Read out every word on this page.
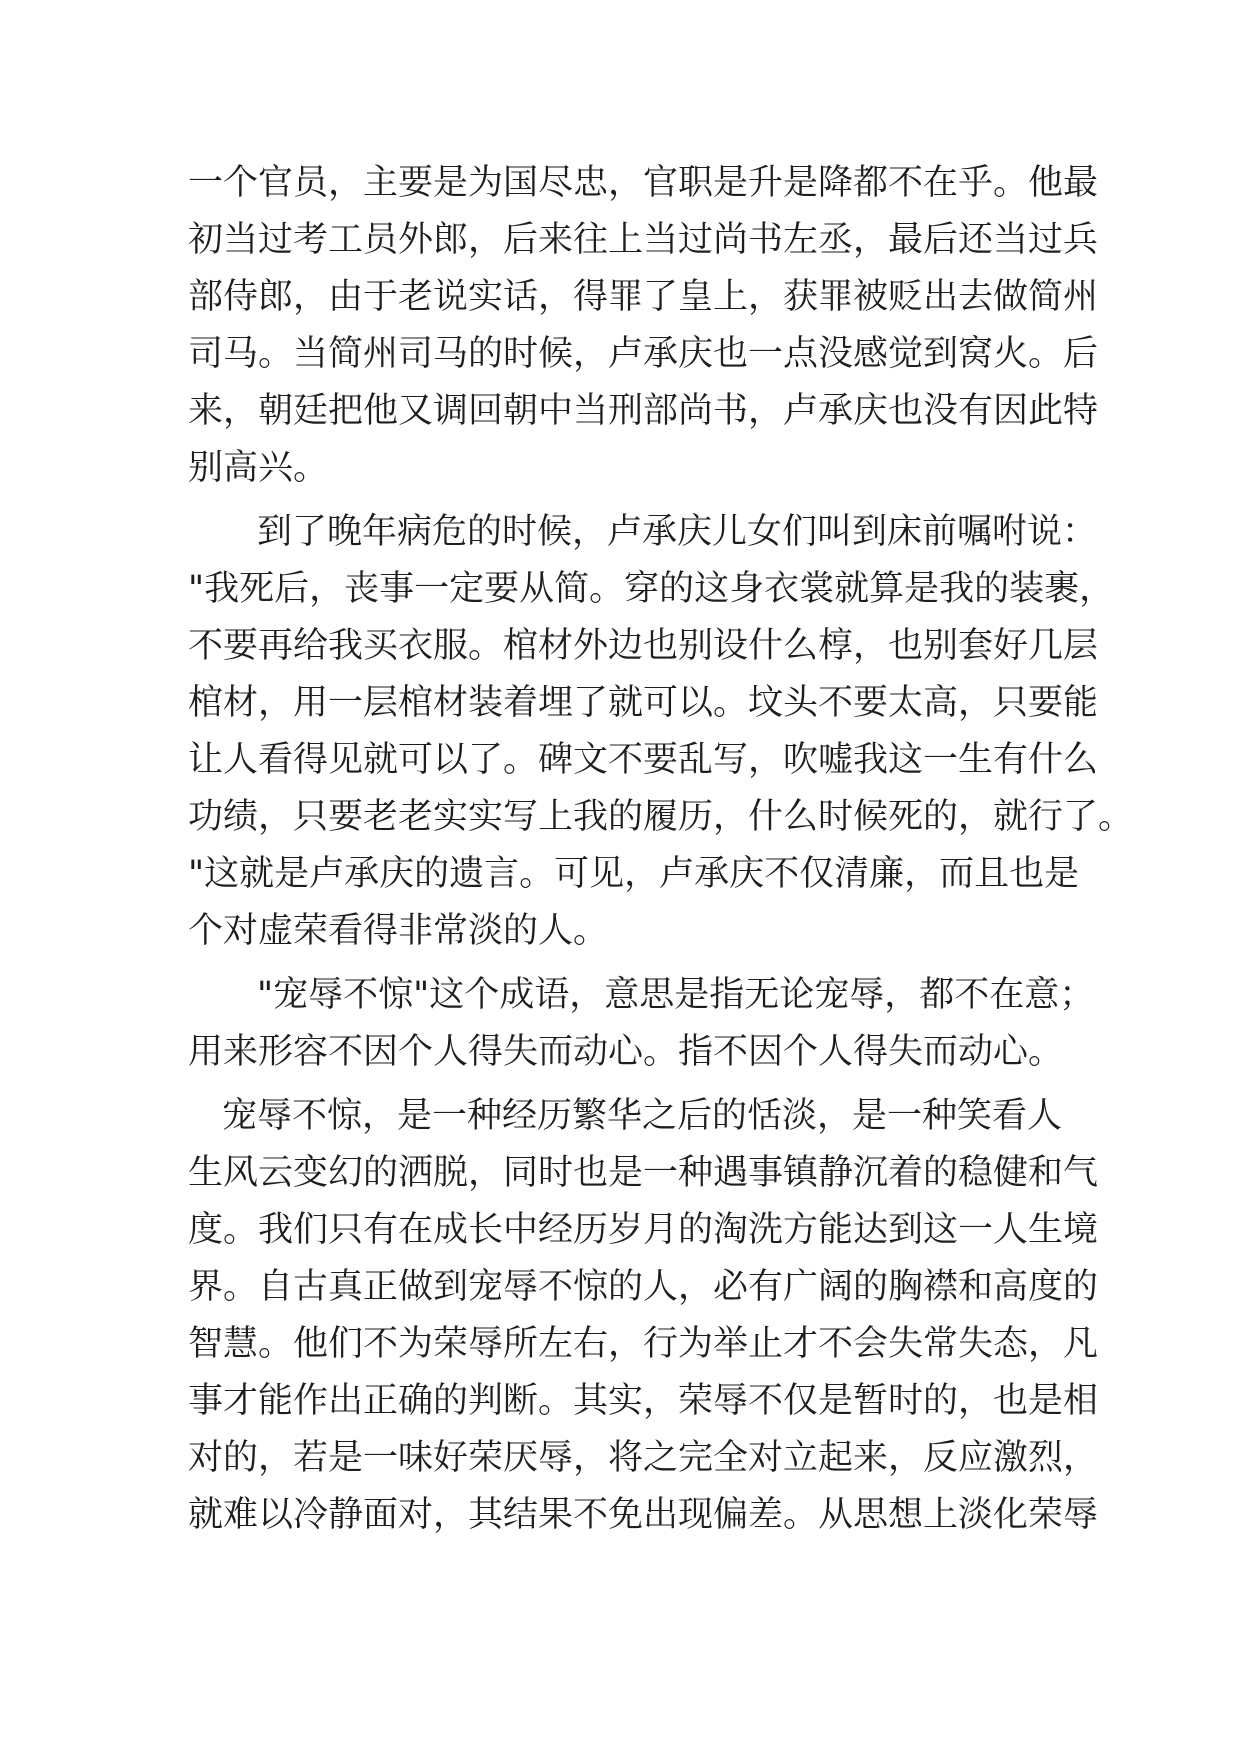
一个官员，主要是为国尽忠，官职是升是降都不在乎。他最

初当过考工员外郎，后来往上当过尚书左丞，最后还当过兵

部侍郎，由于老说实话，得罪了皇上，获罪被贬出去做简州

司马。当简州司马的时候，卢承庆也一点没感觉到窝火。后

来，朝廷把他又调回朝中当刑部尚书，卢承庆也没有因此特

别高兴。

到了晚年病危的时候，卢承庆儿女们叫到床前嘱咐说：

"我死后，丧事一定要从简。穿的这身衣裳就算是我的装裹，

不要再给我买衣服。棺材外边也别设什么椁，也别套好几层

棺材，用一层棺材装着埋了就可以。坟头不要太高，只要能

让人看得见就可以了。碑文不要乱写，吹嘘我这一生有什么

功绩，只要老老实实写上我的履历，什么时候死的，就行了。

"这就是卢承庆的遗言。可见，卢承庆不仅清廉，而且也是

个对虚荣看得非常淡的人。

"宠辱不惊"这个成语，意思是指无论宠辱，都不在意；

用来形容不因个人得失而动心。指不因个人得失而动心。

宠辱不惊，是一种经历繁华之后的恬淡，是一种笑看人

生风云变幻的洒脱，同时也是一种遇事镇静沉着的稳健和气

度。我们只有在成长中经历岁月的淘洗方能达到这一人生境

界。自古真正做到宠辱不惊的人，必有广阔的胸襟和高度的

智慧。他们不为荣辱所左右，行为举止才不会失常失态，凡

事才能作出正确的判断。其实，荣辱不仅是暂时的，也是相

对的，若是一味好荣厌辱，将之完全对立起来，反应激烈，

就难以冷静面对，其结果不免出现偏差。从思想上淡化荣辱
